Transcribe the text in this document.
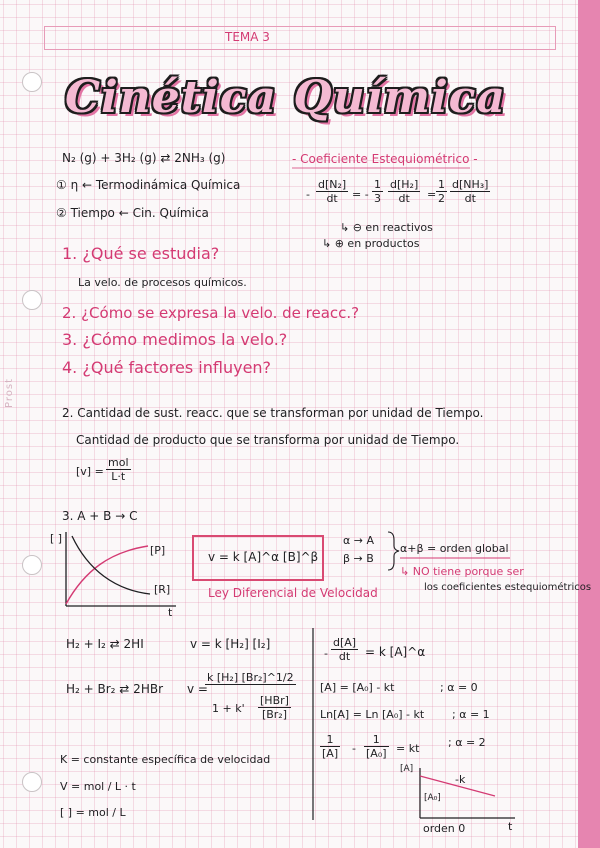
Prost
TEMA 3
Cinética Química
N₂ (g) + 3H₂ (g) ⇄ 2NH₃ (g)
① η ← Termodinámica Química
② Tiempo ← Cin. Química
- Coeficiente Estequiométrico -
- $\frac{\text{d[N₂]}}{dt}$ = - $\frac{1}{3} \frac{\text{d[H₂]}}{dt} = \frac{1}{2} \frac{\text{d[NH₃]}}{dt}$
↳ ⊖ en reactivos
↳ ⊕ en productos
1. ¿Qué se estudia?
La velo. de procesos químicos.
2. ¿Cómo se expresa la velo. de reacc.?
3. ¿Cómo medimos la velo.?
4. ¿Qué factores influyen?
2. Cantidad de sust. reacc. que se transforman por unidad de Tiempo.
Cantidad de producto que se transforma por unidad de Tiempo.
[v] =
mol
L·t
3. A + B → C
[ ]
[P]
[R]
t
v = k [A]^α [B]^β
Ley Diferencial de Velocidad
α → A
β → B
α+β = orden global
↳ NO tiene porque ser
los coeficientes estequiométricos
H₂ + I₂ ⇄ 2HI	v = k [H₂] [I₂]
H₂ + Br₂ ⇄ 2HBr v =
k [H₂] [Br₂]^1/2
1 + k'
[HBr]
[Br₂]
K = constante específica de velocidad
V = mol / L · t
[ ] = mol / L
- $\frac{d[A]}{dt} = k$ [A]^α
[A] = [A₀] - kt	; α = 0
Ln[A] = Ln [A₀] - kt	; α = 1
$\frac{1}{[A]} - \frac{1}{\text{[A₀]}}$ = kt	; α = 2
[A]
[A₀]
-k
orden 0	t
